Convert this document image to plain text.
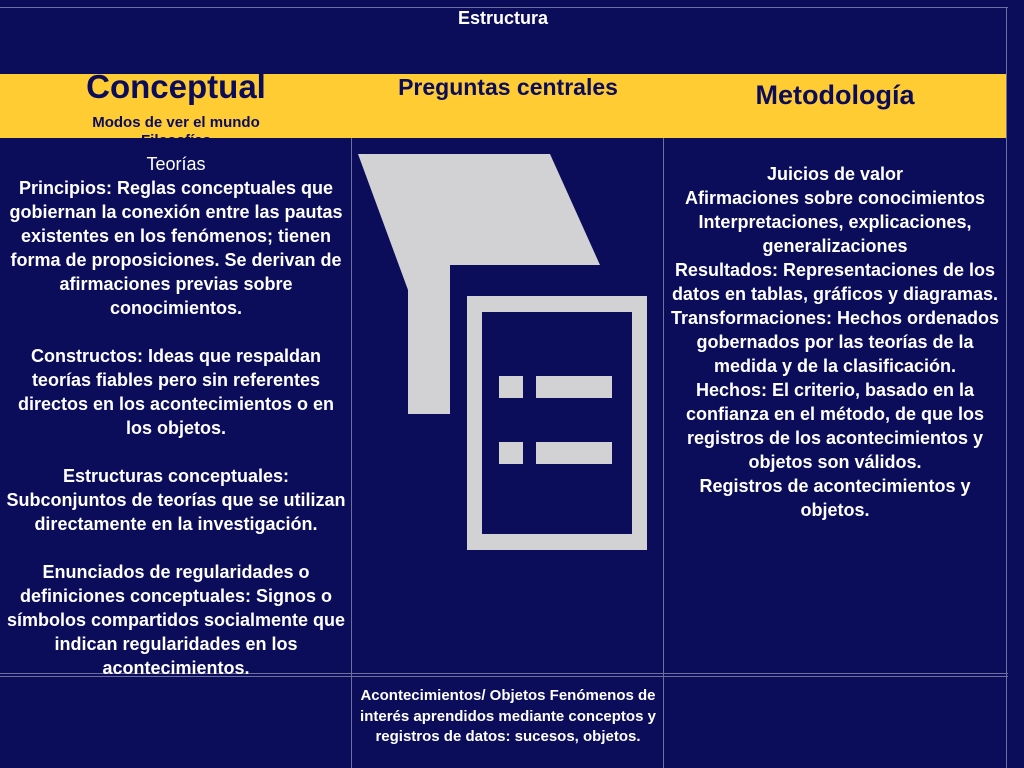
Estructura
Conceptual
Modos de ver el mundo
Filosofías
Preguntas centrales	Metodología

Teorías
Principios: Reglas conceptuales que gobiernan la conexión entre las pautas existentes en los fenómenos; tienen forma de proposiciones. Se derivan de afirmaciones previas sobre conocimientos.

Constructos: Ideas que respaldan teorías fiables pero sin referentes directos en los acontecimientos o en los objetos.

Estructuras conceptuales: Subconjuntos de teorías que se utilizan directamente en la investigación.

Enunciados de regularidades o definiciones conceptuales: Signos o símbolos compartidos socialmente que indican regularidades en los acontecimientos.

Juicios de valor
Afirmaciones sobre conocimientos
Interpretaciones, explicaciones, generalizaciones
Resultados: Representaciones de los datos en tablas, gráficos y diagramas.
Transformaciones: Hechos ordenados gobernados por las teorías de la medida y de la clasificación.
Hechos: El criterio, basado en la confianza en el método, de que los registros de los acontecimientos y objetos son válidos.
Registros de acontecimientos y objetos.
Acontecimientos/ Objetos Fenómenos de interés aprendidos mediante conceptos y registros de datos: sucesos, objetos.
